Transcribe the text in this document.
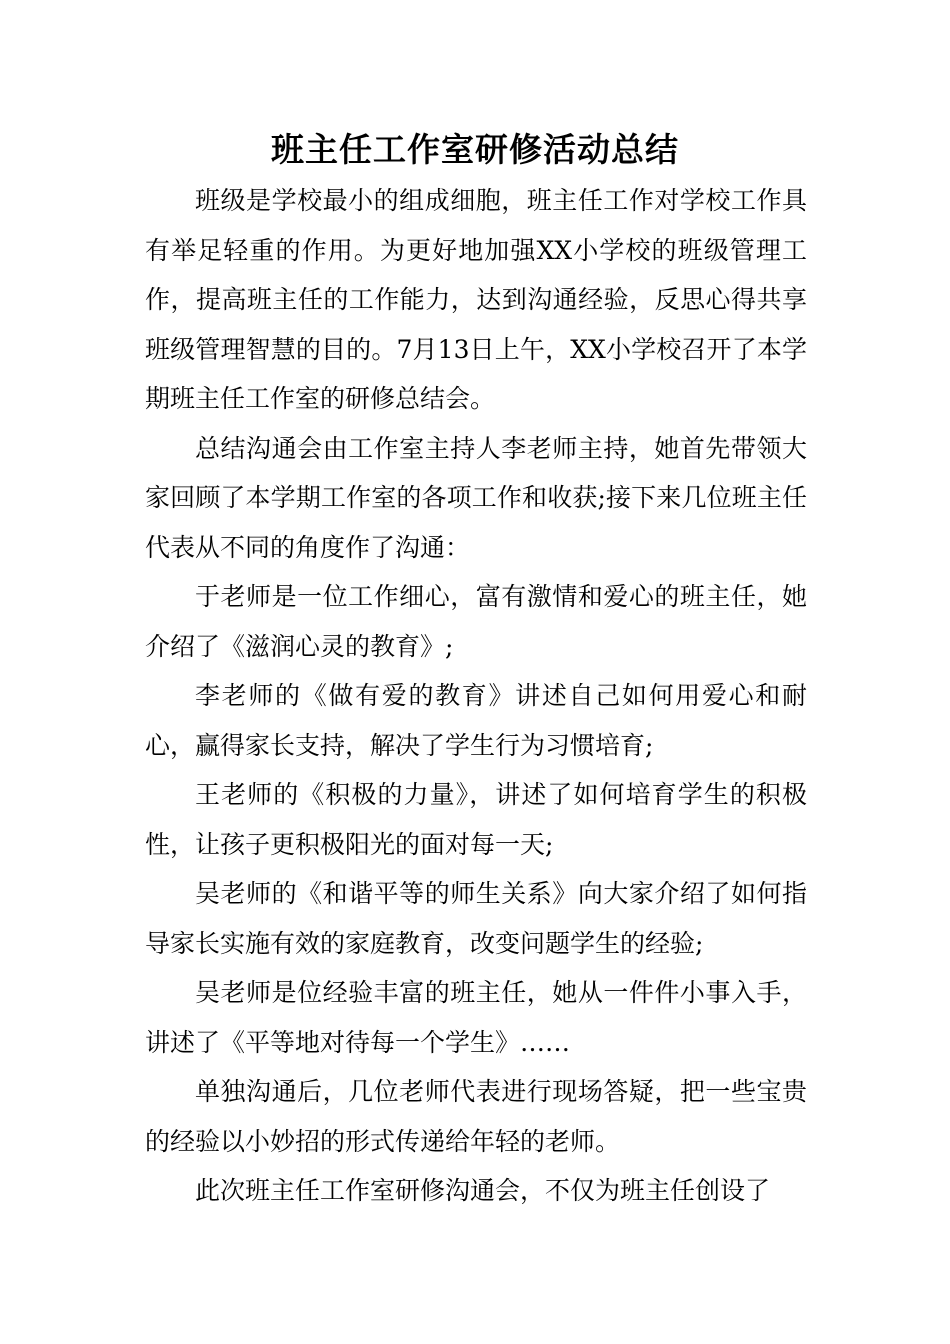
班主任工作室研修活动总结

班级是学校最小的组成细胞，班主任工作对学校工作具有举足轻重的作用。为更好地加强XX小学校的班级管理工作，提高班主任的工作能力，达到沟通经验，反思心得共享班级管理智慧的目的。7月13日上午，XX小学校召开了本学期班主任工作室的研修总结会。

总结沟通会由工作室主持人李老师主持，她首先带领大家回顾了本学期工作室的各项工作和收获;接下来几位班主任代表从不同的角度作了沟通：

于老师是一位工作细心，富有激情和爱心的班主任，她介绍了《滋润心灵的教育》;

李老师的《做有爱的教育》讲述自己如何用爱心和耐心，赢得家长支持，解决了学生行为习惯培育;

王老师的《积极的力量》，讲述了如何培育学生的积极性，让孩子更积极阳光的面对每一天;

吴老师的《和谐平等的师生关系》向大家介绍了如何指导家长实施有效的家庭教育，改变问题学生的经验;

吴老师是位经验丰富的班主任，她从一件件小事入手，讲述了《平等地对待每一个学生》……

单独沟通后，几位老师代表进行现场答疑，把一些宝贵的经验以小妙招的形式传递给年轻的老师。

此次班主任工作室研修沟通会，不仅为班主任创设了
